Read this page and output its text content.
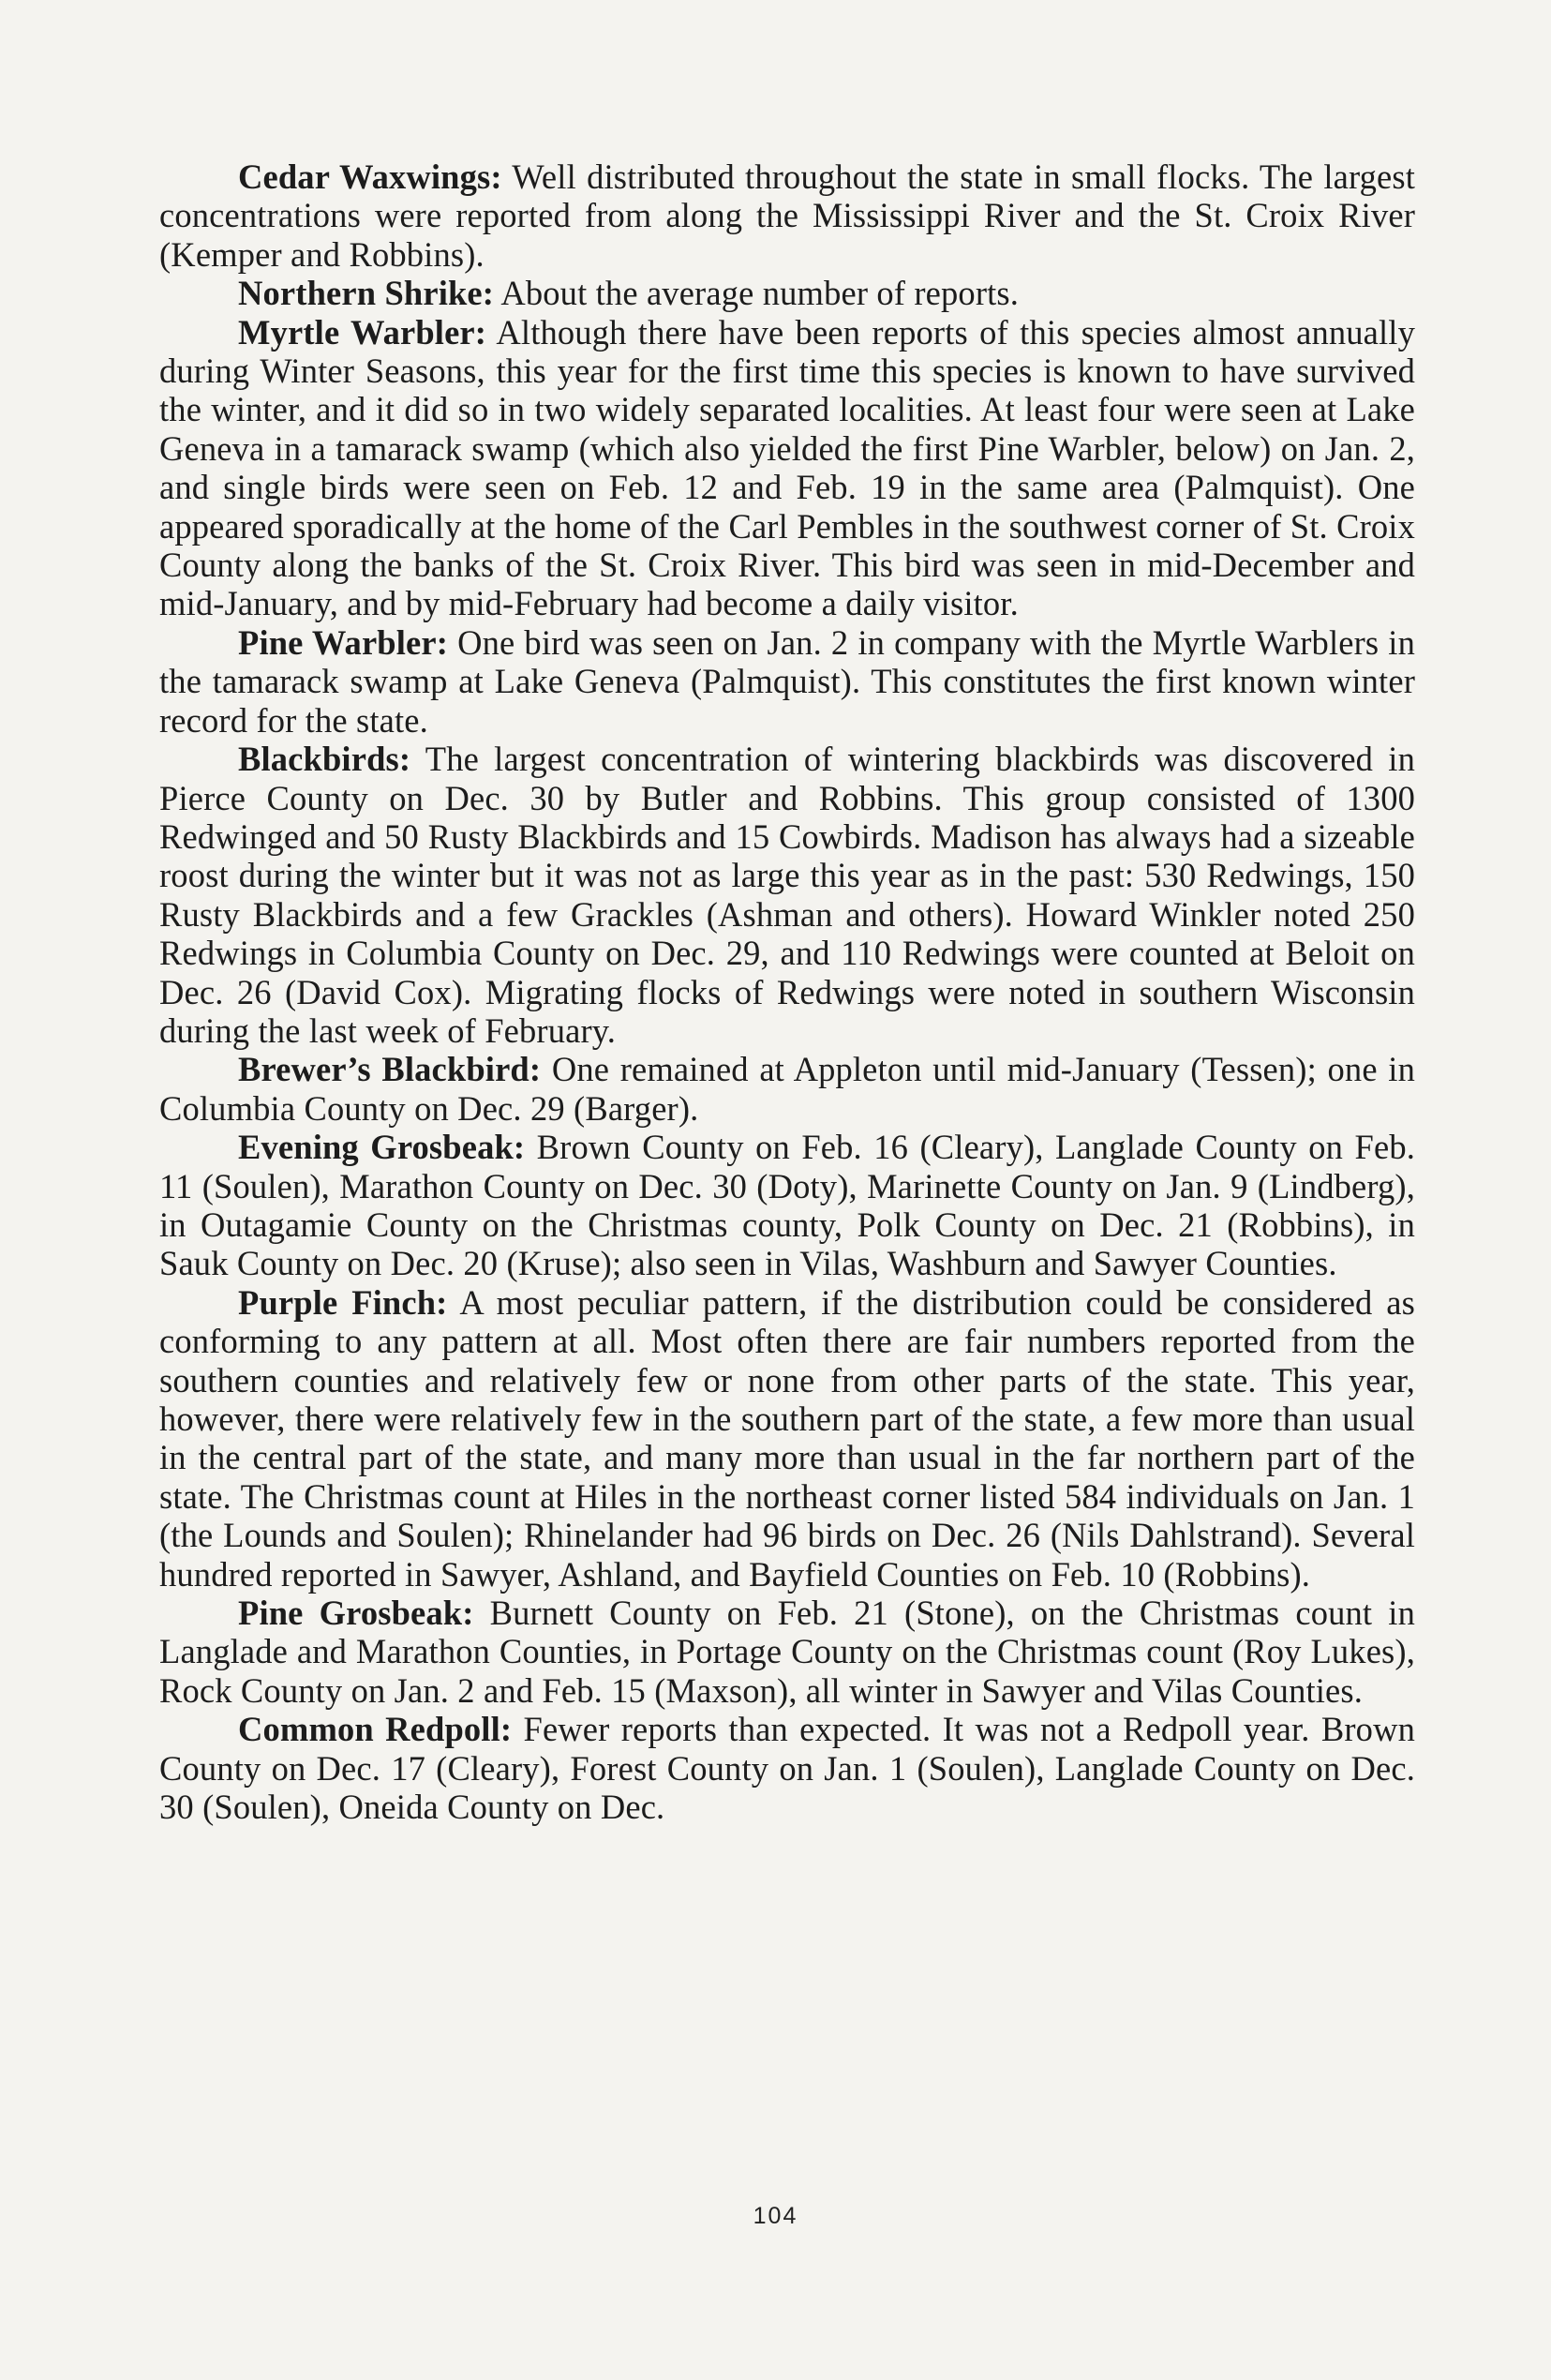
Cedar Waxwings: Well distributed throughout the state in small flocks. The largest concentrations were reported from along the Mississippi River and the St. Croix River (Kemper and Robbins).

Northern Shrike: About the average number of reports.

Myrtle Warbler: Although there have been reports of this species almost annually during Winter Seasons, this year for the first time this species is known to have survived the winter, and it did so in two widely separated localities. At least four were seen at Lake Geneva in a tamarack swamp (which also yielded the first Pine Warbler, below) on Jan. 2, and single birds were seen on Feb. 12 and Feb. 19 in the same area (Palmquist). One appeared sporadically at the home of the Carl Pembles in the southwest corner of St. Croix County along the banks of the St. Croix River. This bird was seen in mid-December and mid-January, and by mid-February had become a daily visitor.

Pine Warbler: One bird was seen on Jan. 2 in company with the Myrtle Warblers in the tamarack swamp at Lake Geneva (Palmquist). This constitutes the first known winter record for the state.

Blackbirds: The largest concentration of wintering blackbirds was discovered in Pierce County on Dec. 30 by Butler and Robbins. This group consisted of 1300 Redwinged and 50 Rusty Blackbirds and 15 Cowbirds. Madison has always had a sizeable roost during the winter but it was not as large this year as in the past: 530 Redwings, 150 Rusty Blackbirds and a few Grackles (Ashman and others). Howard Winkler noted 250 Redwings in Columbia County on Dec. 29, and 110 Redwings were counted at Beloit on Dec. 26 (David Cox). Migrating flocks of Redwings were noted in southern Wisconsin during the last week of February.

Brewer’s Blackbird: One remained at Appleton until mid-January (Tessen); one in Columbia County on Dec. 29 (Barger).

Evening Grosbeak: Brown County on Feb. 16 (Cleary), Langlade County on Feb. 11 (Soulen), Marathon County on Dec. 30 (Doty), Marinette County on Jan. 9 (Lindberg), in Outagamie County on the Christmas county, Polk County on Dec. 21 (Robbins), in Sauk County on Dec. 20 (Kruse); also seen in Vilas, Washburn and Sawyer Counties.

Purple Finch: A most peculiar pattern, if the distribution could be considered as conforming to any pattern at all. Most often there are fair numbers reported from the southern counties and relatively few or none from other parts of the state. This year, however, there were relatively few in the southern part of the state, a few more than usual in the central part of the state, and many more than usual in the far northern part of the state. The Christmas count at Hiles in the northeast corner listed 584 individuals on Jan. 1 (the Lounds and Soulen); Rhinelander had 96 birds on Dec. 26 (Nils Dahlstrand). Several hundred reported in Sawyer, Ashland, and Bayfield Counties on Feb. 10 (Robbins).

Pine Grosbeak: Burnett County on Feb. 21 (Stone), on the Christmas count in Langlade and Marathon Counties, in Portage County on the Christmas count (Roy Lukes), Rock County on Jan. 2 and Feb. 15 (Maxson), all winter in Sawyer and Vilas Counties.

Common Redpoll: Fewer reports than expected. It was not a Redpoll year. Brown County on Dec. 17 (Cleary), Forest County on Jan. 1 (Soulen), Langlade County on Dec. 30 (Soulen), Oneida County on Dec.

104
